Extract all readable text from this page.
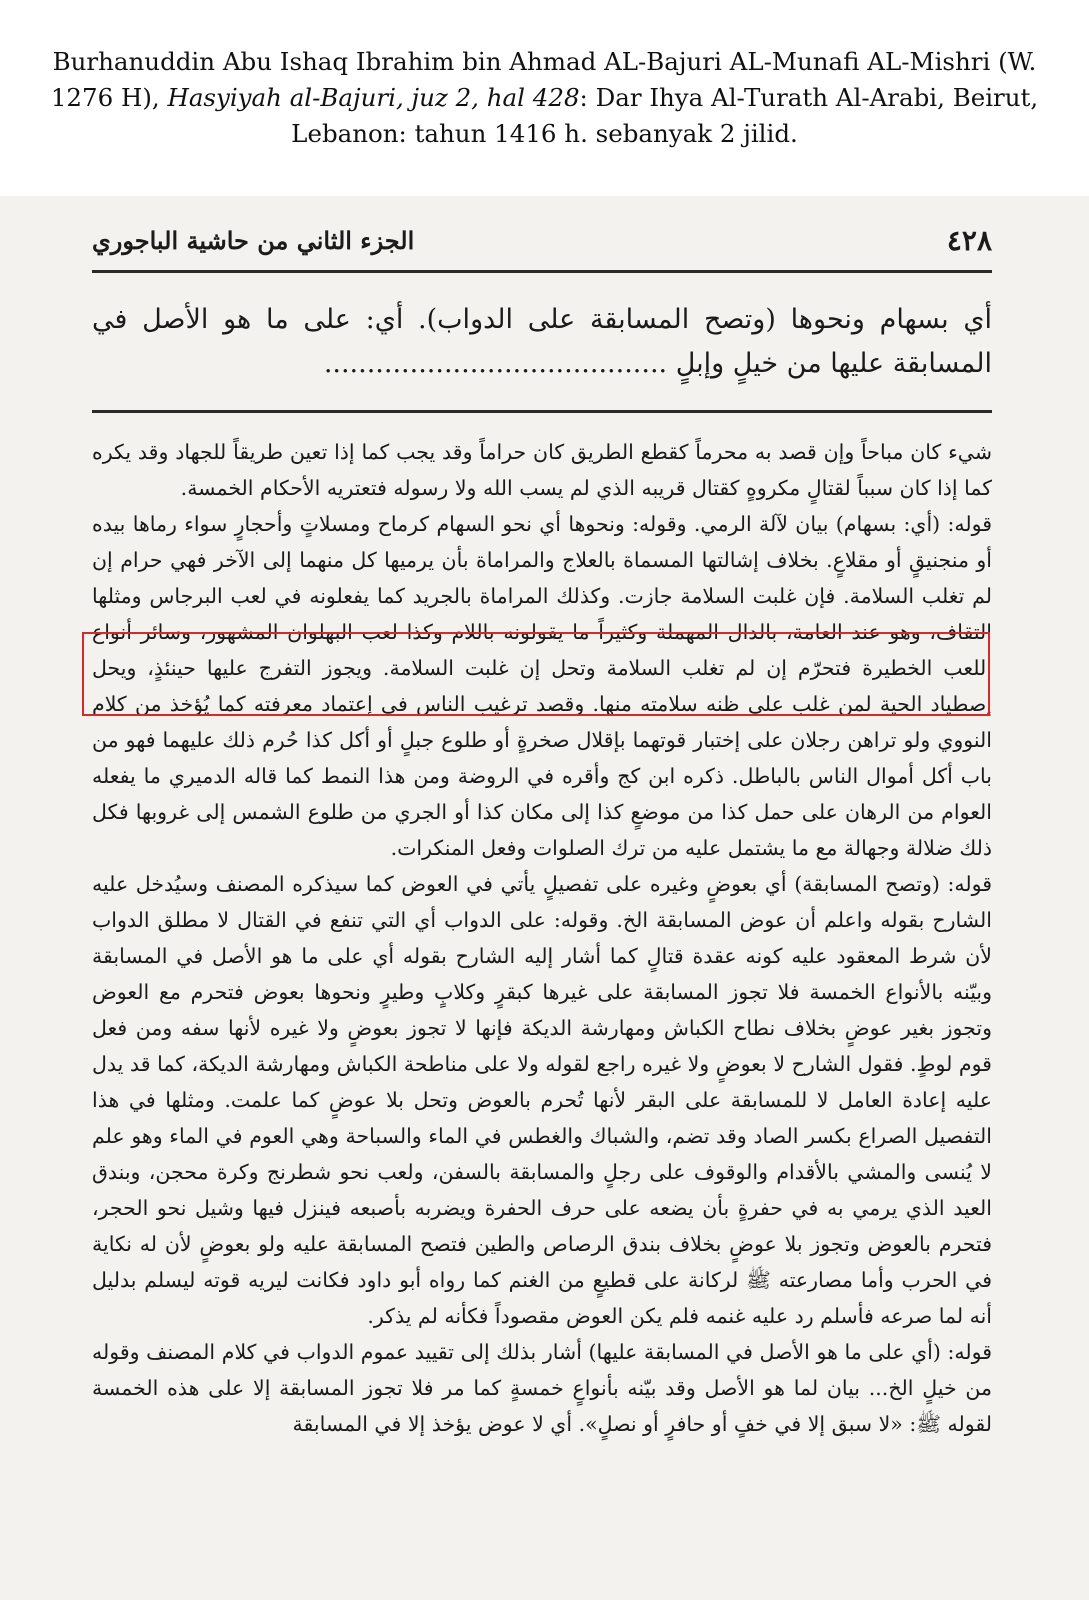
Burhanuddin Abu Ishaq Ibrahim bin Ahmad AL-Bajuri AL-Munafi AL-Mishri (W. 1276 H), Hasyiyah al-Bajuri, juz 2, hal 428: Dar Ihya Al-Turath Al-Arabi, Beirut, Lebanon: tahun 1416 h. sebanyak 2 jilid.
الجزء الثاني من حاشية الباجوري	٤٢٨
أي بسهام ونحوها (وتصح المسابقة على الدواب). أي: على ما هو الأصل في المسابقة عليها من خيلٍ وإبلٍ ........................................

شيء كان مباحاً وإن قصد به محرماً كقطع الطريق كان حراماً وقد يجب كما إذا تعين طريقاً للجهاد وقد يكره كما إذا كان سبباً لقتالٍ مكروهٍ كقتال قريبه الذي لم يسب الله ولا رسوله فتعتريه الأحكام الخمسة.

قوله: (أي: بسهام) بيان لآلة الرمي. وقوله: ونحوها أي نحو السهام كرماح ومسلاتٍ وأحجارٍ سواء رماها بيده أو منجنيقٍ أو مقلاعٍ. بخلاف إشالتها المسماة بالعلاج والمراماة بأن يرميها كل منهما إلى الآخر فهي حرام إن لم تغلب السلامة. فإن غلبت السلامة جازت. وكذلك المراماة بالجريد كما يفعلونه في لعب البرجاس ومثلها التقاف، وهو عند العامة، بالدال المهملة وكثيراً ما يقولونه باللام وكذا لعب البهلوان المشهور، وسائر أنواع اللعب الخطيرة فتحرّم إن لم تغلب السلامة وتحل إن غلبت السلامة. ويجوز التفرج عليها حينئذٍ، ويحل إصطياد الحية لمن غلب على ظنه سلامته منها. وقصد ترغيب الناس في إعتماد معرفته كما يُؤخذ من كلام النووي ولو تراهن رجلان على إختبار قوتهما بإقلال صخرةٍ أو طلوع جبلٍ أو أكل كذا حُرم ذلك عليهما فهو من باب أكل أموال الناس بالباطل. ذكره ابن كج وأقره في الروضة ومن هذا النمط كما قاله الدميري ما يفعله العوام من الرهان على حمل كذا من موضعٍ كذا إلى مكان كذا أو الجري من طلوع الشمس إلى غروبها فكل ذلك ضلالة وجهالة مع ما يشتمل عليه من ترك الصلوات وفعل المنكرات.

قوله: (وتصح المسابقة) أي بعوضٍ وغيره على تفصيلٍ يأتي في العوض كما سيذكره المصنف وسيُدخل عليه الشارح بقوله واعلم أن عوض المسابقة الخ. وقوله: على الدواب أي التي تنفع في القتال لا مطلق الدواب لأن شرط المعقود عليه كونه عقدة قتالٍ كما أشار إليه الشارح بقوله أي على ما هو الأصل في المسابقة وبيّنه بالأنواع الخمسة فلا تجوز المسابقة على غيرها كبقرٍ وكلابٍ وطيرٍ ونحوها بعوض فتحرم مع العوض وتجوز بغير عوضٍ بخلاف نطاح الكباش ومهارشة الديكة فإنها لا تجوز بعوضٍ ولا غيره لأنها سفه ومن فعل قوم لوطٍ. فقول الشارح لا بعوضٍ ولا غيره راجع لقوله ولا على مناطحة الكباش ومهارشة الديكة، كما قد يدل عليه إعادة العامل لا للمسابقة على البقر لأنها تُحرم بالعوض وتحل بلا عوضٍ كما علمت. ومثلها في هذا التفصيل الصراع بكسر الصاد وقد تضم، والشباك والغطس في الماء والسباحة وهي العوم في الماء وهو علم لا يُنسى والمشي بالأقدام والوقوف على رجلٍ والمسابقة بالسفن، ولعب نحو شطرنج وكرة محجن، وبندق العيد الذي يرمي به في حفرةٍ بأن يضعه على حرف الحفرة ويضربه بأصبعه فينزل فيها وشيل نحو الحجر، فتحرم بالعوض وتجوز بلا عوضٍ بخلاف بندق الرصاص والطين فتصح المسابقة عليه ولو بعوضٍ لأن له نكاية في الحرب وأما مصارعته ﷺ لركانة على قطيعٍ من الغنم كما رواه أبو داود فكانت ليريه قوته ليسلم بدليل أنه لما صرعه فأسلم رد عليه غنمه فلم يكن العوض مقصوداً فكأنه لم يذكر.

قوله: (أي على ما هو الأصل في المسابقة عليها) أشار بذلك إلى تقييد عموم الدواب في كلام المصنف وقوله من خيلٍ الخ... بيان لما هو الأصل وقد بيّنه بأنواعٍ خمسةٍ كما مر فلا تجوز المسابقة إلا على هذه الخمسة لقوله ﷺ: «لا سبق إلا في خفٍ أو حافرٍ أو نصلٍ». أي لا عوض يؤخذ إلا في المسابقة
